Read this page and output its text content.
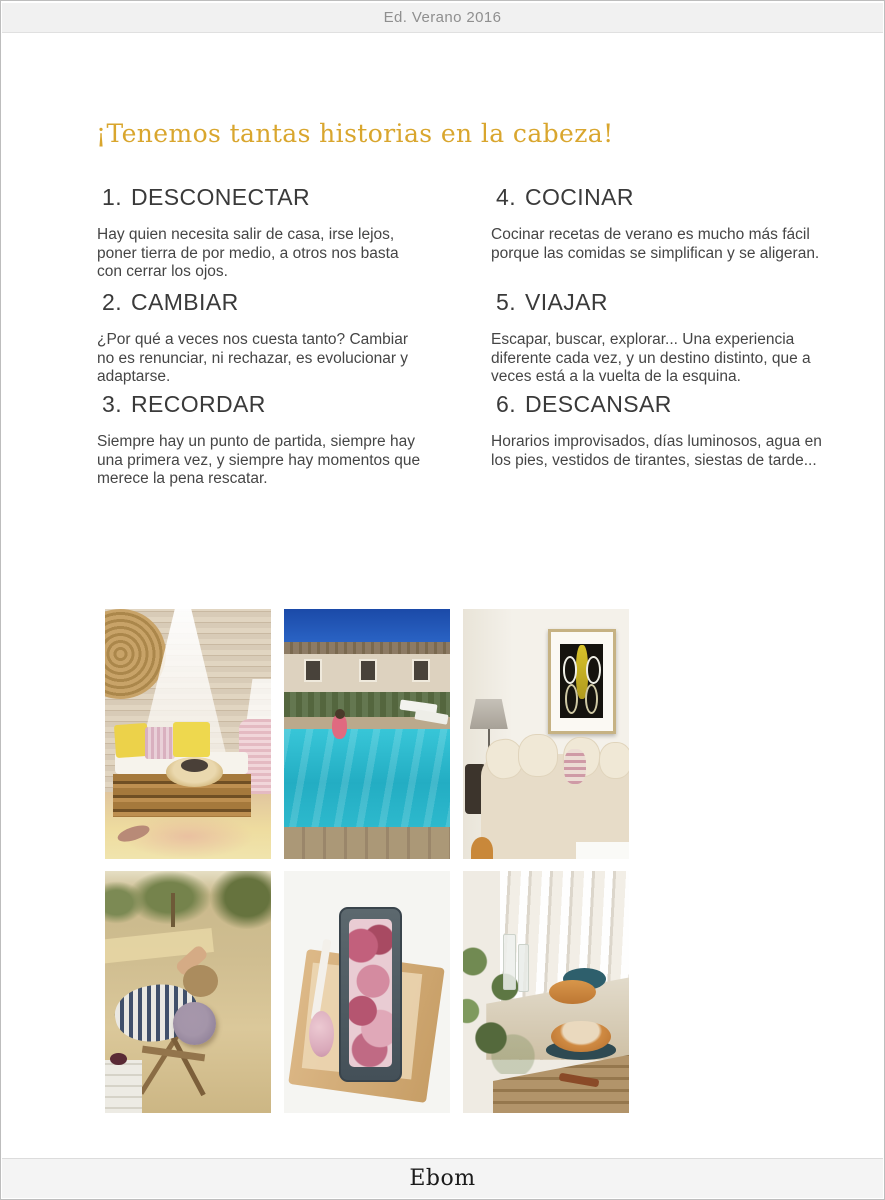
Ed. Verano 2016
¡Tenemos tantas historias en la cabeza!
1. DESCONECTAR
Hay quien necesita salir de casa, irse lejos,
poner tierra de por medio, a otros nos basta
con cerrar los ojos.
2. CAMBIAR
¿Por qué a veces nos cuesta tanto? Cambiar
no es renunciar, ni rechazar, es evolucionar y
adaptarse.
3. RECORDAR
Siempre hay un punto de partida, siempre hay
una primera vez, y siempre hay momentos que
merece la pena rescatar.
4. COCINAR
Cocinar recetas de verano es mucho más fácil
porque las comidas se simplifican y se aligeran.
5. VIAJAR
Escapar, buscar, explorar... Una experiencia
diferente cada vez, y un destino distinto, que a
veces está a la vuelta de la esquina.
6. DESCANSAR
Horarios improvisados, días luminosos, agua en
los pies, vestidos de tirantes, siestas de tarde...
Ebom
